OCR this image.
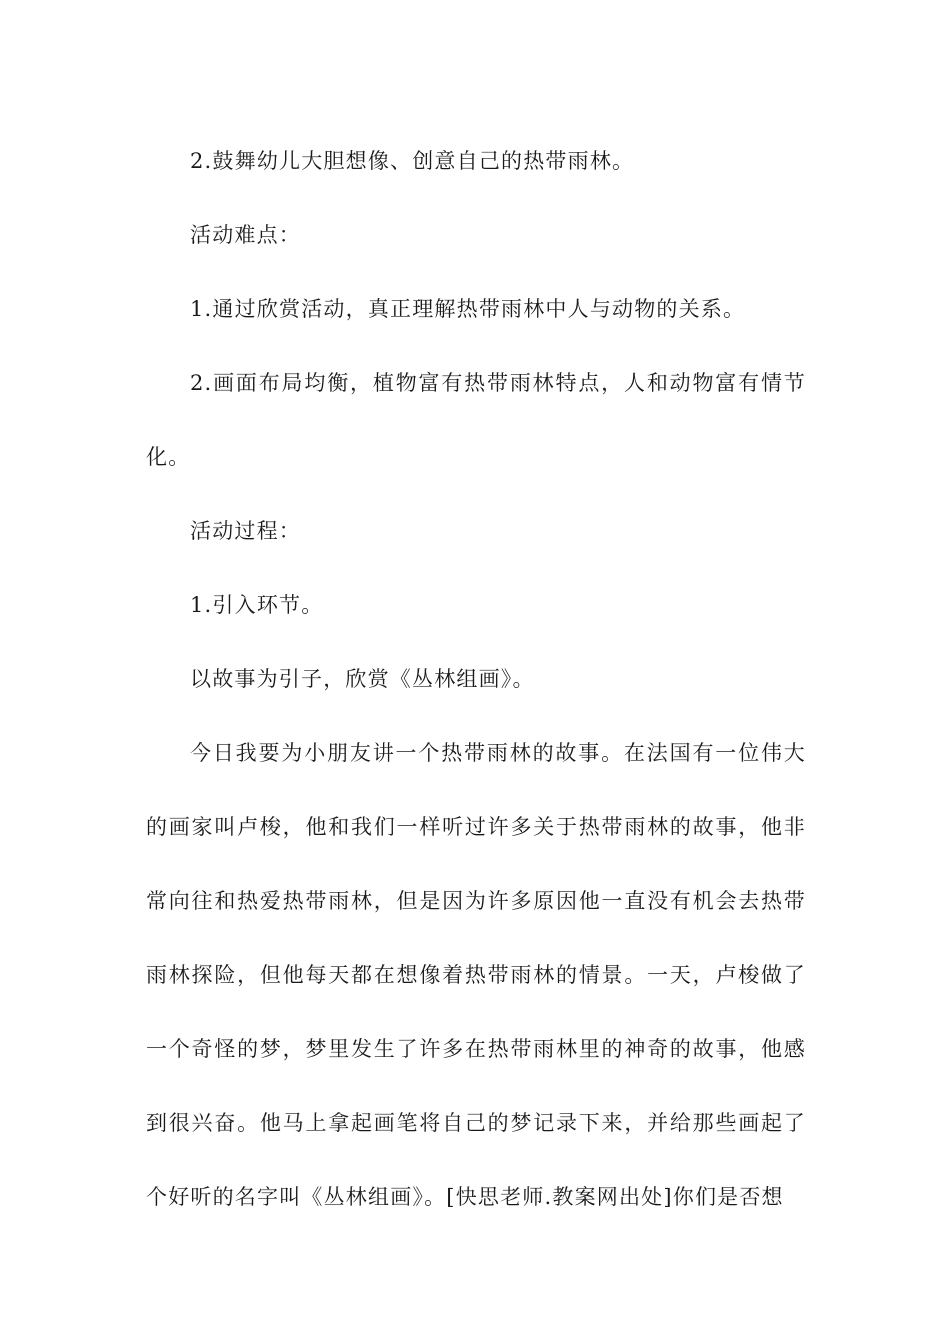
2.鼓舞幼儿大胆想像、创意自己的热带雨林。

活动难点：

1.通过欣赏活动，真正理解热带雨林中人与动物的关系。

2.画面布局均衡，植物富有热带雨林特点，人和动物富有情节化。

活动过程：

1.引入环节。

以故事为引子，欣赏《丛林组画》。

今日我要为小朋友讲一个热带雨林的故事。在法国有一位伟大的画家叫卢梭，他和我们一样听过许多关于热带雨林的故事，他非常向往和热爱热带雨林，但是因为许多原因他一直没有机会去热带雨林探险，但他每天都在想像着热带雨林的情景。一天，卢梭做了一个奇怪的梦，梦里发生了许多在热带雨林里的神奇的故事，他感到很兴奋。他马上拿起画笔将自己的梦记录下来，并给那些画起了个好听的名字叫《丛林组画》。[快思老师.教案网出处]你们是否想
